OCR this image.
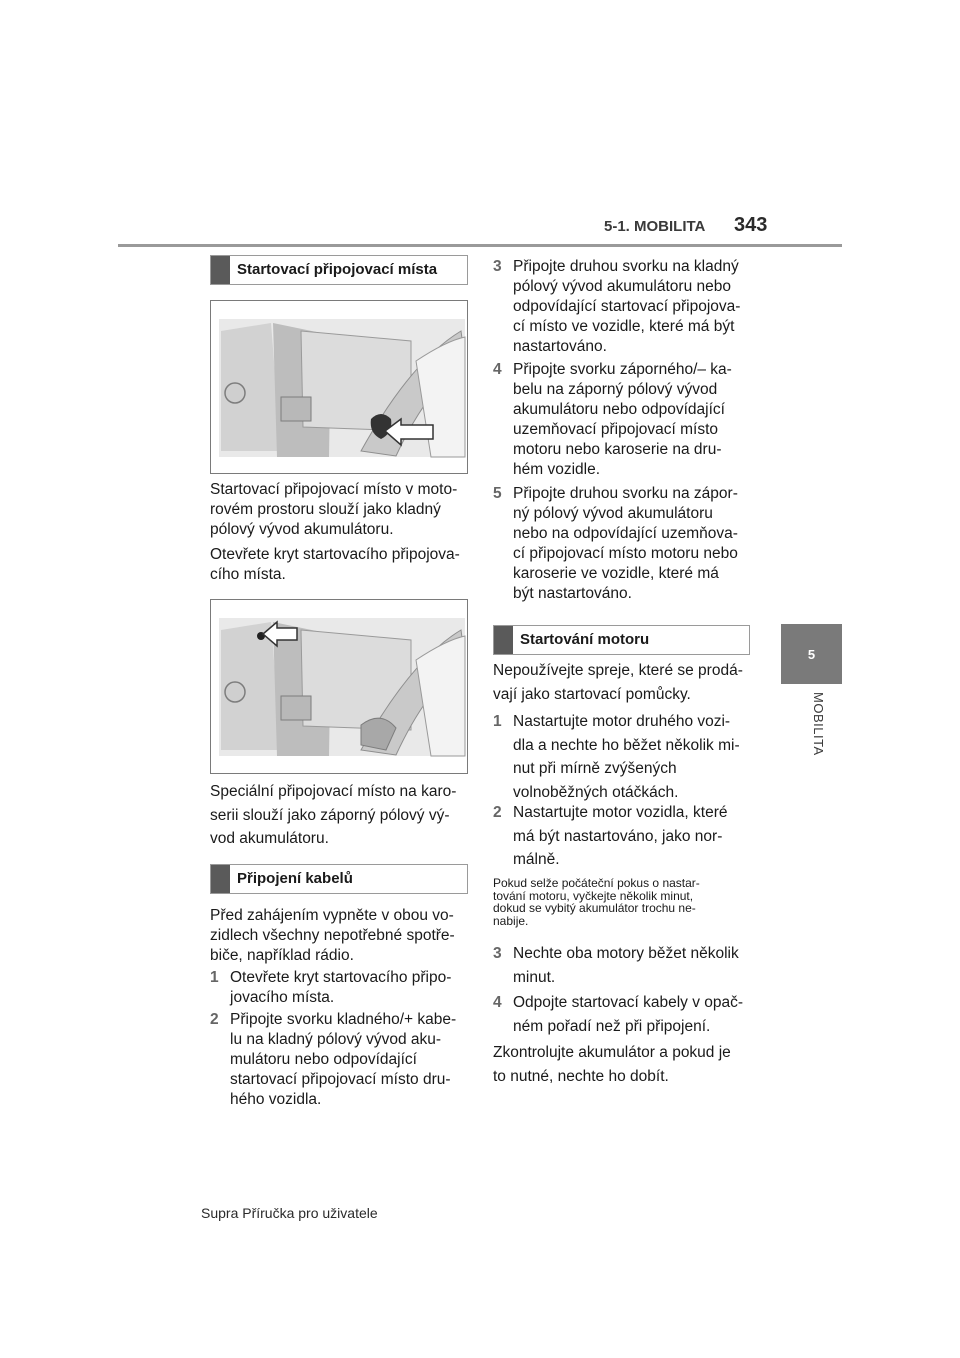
5-1. MOBILITA 343
5
MOBILITA
Startovací připojovací místa
Startovací připojovací místo v moto-
rovém prostoru slouží jako kladný
pólový vývod akumulátoru.
Otevřete kryt startovacího připojova-
cího místa.
Speciální připojovací místo na karo-
serii slouží jako záporný pólový vý-
vod akumulátoru.
Připojení kabelů
Před zahájením vypněte v obou vo-
zidlech všechny nepotřebné spotře-
biče, například rádio.
1 Otevřete kryt startovacího připo-
jovacího místa.
2 Připojte svorku kladného/+ kabe-
lu na kladný pólový vývod aku-
mulátoru nebo odpovídající
startovací připojovací místo dru-
hého vozidla.
3 Připojte druhou svorku na kladný
pólový vývod akumulátoru nebo
odpovídající startovací připojova-
cí místo ve vozidle, které má být
nastartováno.
4 Připojte svorku záporného/– ka-
belu na záporný pólový vývod
akumulátoru nebo odpovídající
uzemňovací připojovací místo
motoru nebo karoserie na dru-
hém vozidle.
5 Připojte druhou svorku na zápor-
ný pólový vývod akumulátoru
nebo na odpovídající uzemňova-
cí připojovací místo motoru nebo
karoserie ve vozidle, které má
být nastartováno.
Startování motoru
Nepoužívejte spreje, které se prodá-
vají jako startovací pomůcky.
1 Nastartujte motor druhého vozi-
dla a nechte ho běžet několik mi-
nut při mírně zvýšených
volnoběžných otáčkách.
2 Nastartujte motor vozidla, které
má být nastartováno, jako nor-
málně.
Pokud selže počáteční pokus o nastar-
tování motoru, vyčkejte několik minut,
dokud se vybitý akumulátor trochu ne-
nabije.
3 Nechte oba motory běžet několik
minut.
4 Odpojte startovací kabely v opač-
ném pořadí než při připojení.
Zkontrolujte akumulátor a pokud je
to nutné, nechte ho dobít.
Supra Příručka pro uživatele
